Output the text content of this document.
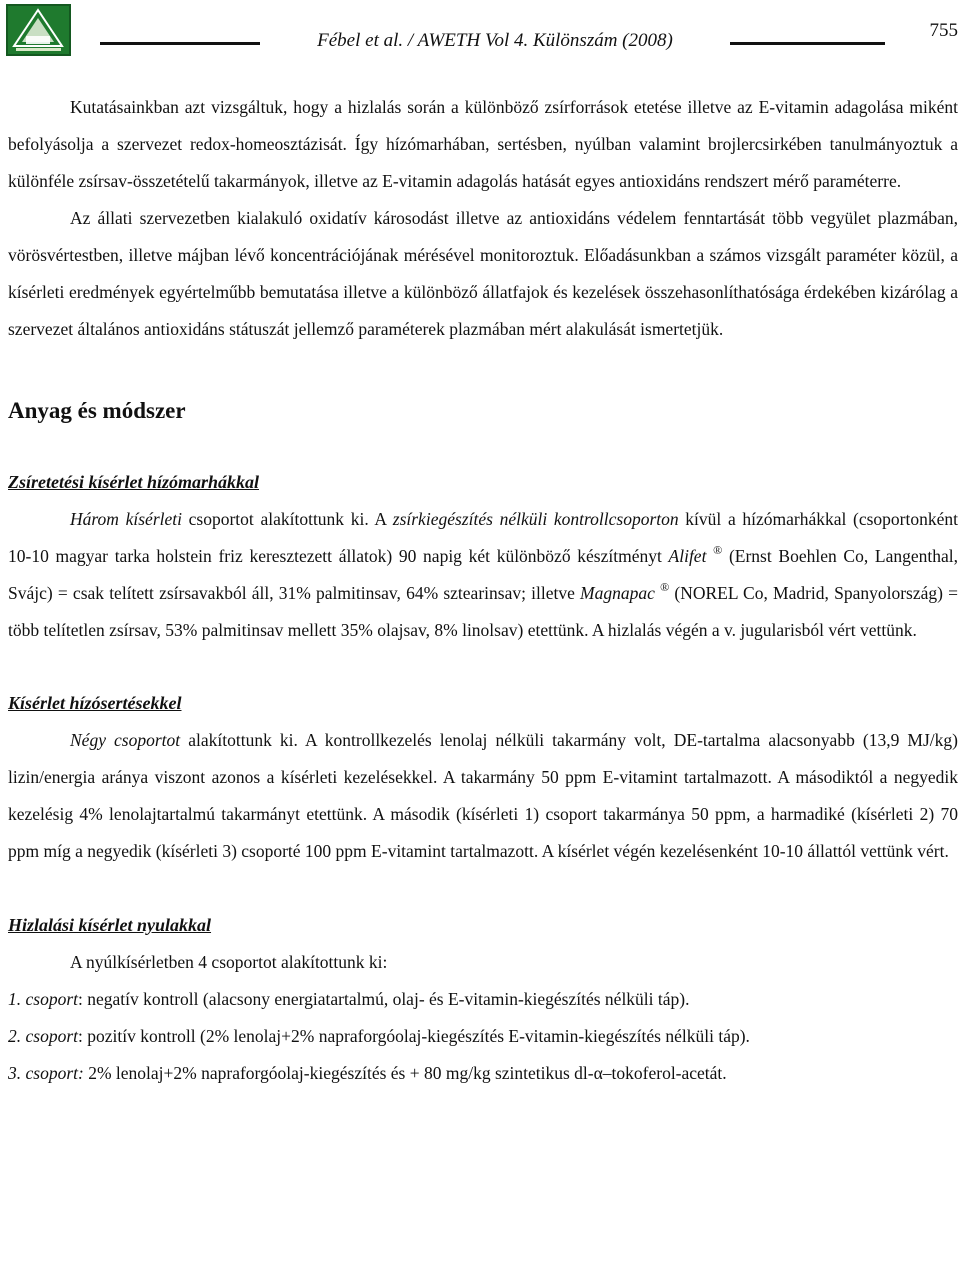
Fébel et al. / AWETH Vol 4. Különszám (2008)	755

Kutatásainkban azt vizsgáltuk, hogy a hizlalás során a különböző zsírforrások etetése illetve az E-vitamin adagolása miként befolyásolja a szervezet redox-homeosztázisát. Így hízómarhában, sertésben, nyúlban valamint brojlercsirkében tanulmányoztuk a különféle zsírsav-összetételű takarmányok, illetve az E-vitamin adagolás hatását egyes antioxidáns rendszert mérő paraméterre.

Az állati szervezetben kialakuló oxidatív károsodást illetve az antioxidáns védelem fenntartását több vegyület plazmában, vörösvértestben, illetve májban lévő koncentrációjának mérésével monitoroztuk. Előadásunkban a számos vizsgált paraméter közül, a kísérleti eredmények egyértelműbb bemutatása illetve a különböző állatfajok és kezelések összehasonlíthatósága érdekében kizárólag a szervezet általános antioxidáns státuszát jellemző paraméterek plazmában mért alakulását ismertetjük.

Anyag és módszer
Zsíretetési kísérlet hízómarhákkal

Három kísérleti csoportot alakítottunk ki. A zsírkiegészítés nélküli kontrollcsoporton kívül a hízómarhákkal (csoportonként 10-10 magyar tarka holstein friz keresztezett állatok) 90 napig két különböző készítményt Alifet ® (Ernst Boehlen Co, Langenthal, Svájc) = csak telített zsírsavakból áll, 31% palmitinsav, 64% sztearinsav; illetve Magnapac ® (NOREL Co, Madrid, Spanyolország) = több telítetlen zsírsav, 53% palmitinsav mellett 35% olajsav, 8% linolsav) etettünk. A hizlalás végén a v. jugularisból vért vettünk.

Kísérlet hízósertésekkel

Négy csoportot alakítottunk ki. A kontrollkezelés lenolaj nélküli takarmány volt, DE-tartalma alacsonyabb (13,9 MJ/kg) lizin/energia aránya viszont azonos a kísérleti kezelésekkel. A takarmány 50 ppm E-vitamint tartalmazott. A másodiktól a negyedik kezelésig 4% lenolajtartalmú takarmányt etettünk. A második (kísérleti 1) csoport takarmánya 50 ppm, a harmadiké (kísérleti 2) 70 ppm míg a negyedik (kísérleti 3) csoporté 100 ppm E-vitamint tartalmazott. A kísérlet végén kezelésenként 10-10 állattól vettünk vért.

Hizlalási kísérlet nyulakkal

A nyúlkísérletben 4 csoportot alakítottunk ki:

1. csoport: negatív kontroll (alacsony energiatartalmú, olaj- és E-vitamin-kiegészítés nélküli táp).

2. csoport: pozitív kontroll (2% lenolaj+2% napraforgóolaj-kiegészítés E-vitamin-kiegészítés nélküli táp).

3. csoport: 2% lenolaj+2% napraforgóolaj-kiegészítés és + 80 mg/kg szintetikus dl-α–tokoferol-acetát.
